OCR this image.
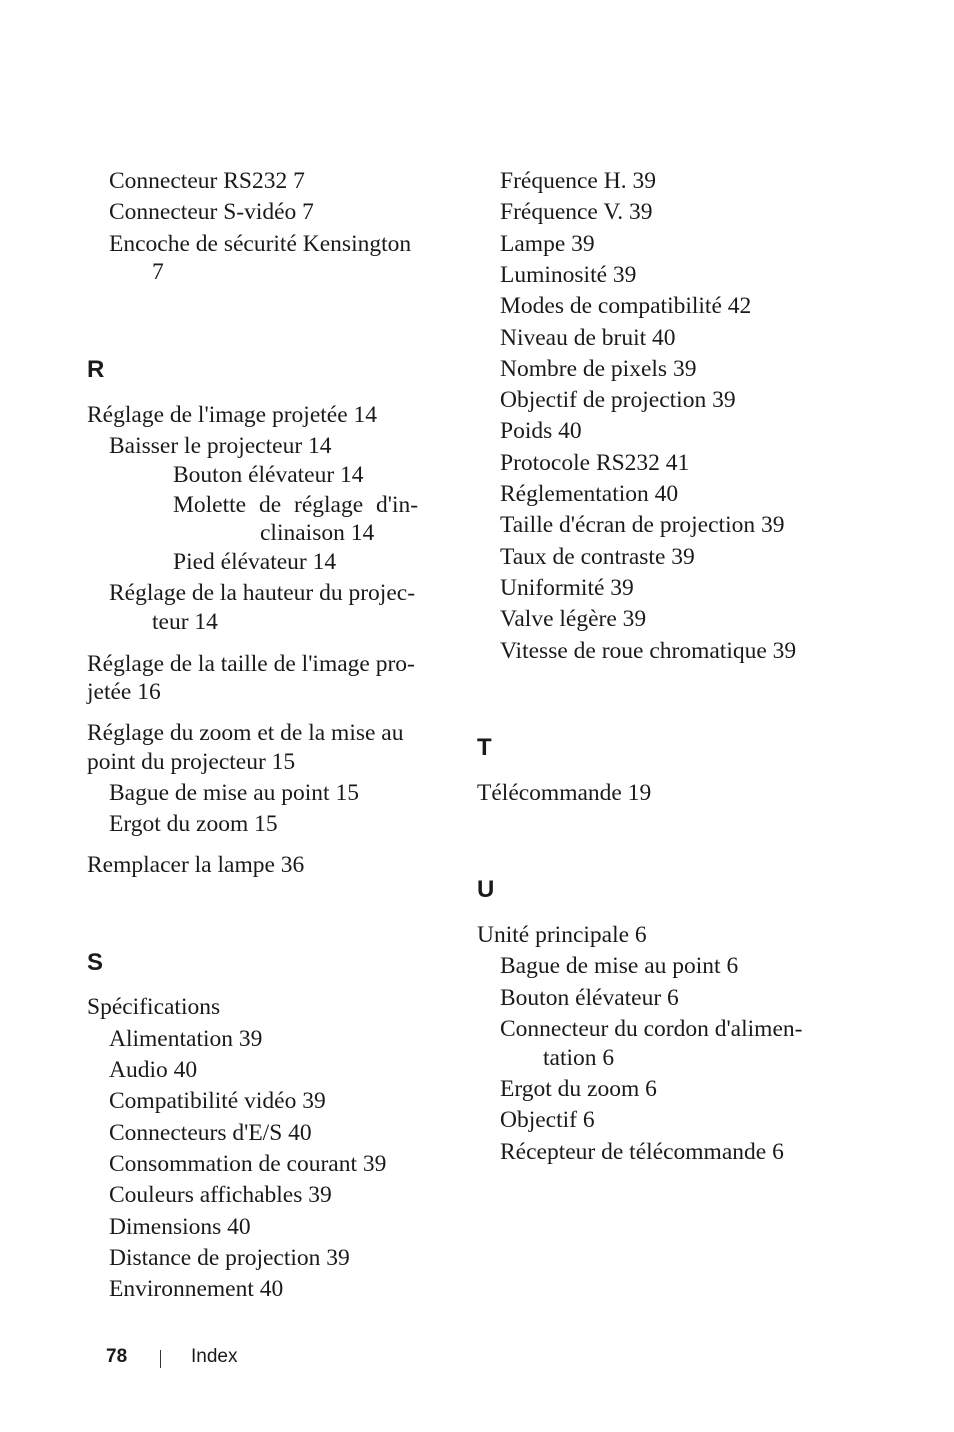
Connecteur RS232 7
Connecteur S-vidéo 7
Encoche de sécurité Kensington
7
R
Réglage de l'image projetée 14
Baisser le projecteur 14
Bouton élévateur 14
Molette de réglage d'in-
clinaison 14
Pied élévateur 14
Réglage de la hauteur du projec-
teur 14
Réglage de la taille de l'image pro-
jetée 16
Réglage du zoom et de la mise au
point du projecteur 15
Bague de mise au point 15
Ergot du zoom 15
Remplacer la lampe 36
S
Spécifications
Alimentation 39
Audio 40
Compatibilité vidéo 39
Connecteurs d'E/S 40
Consommation de courant 39
Couleurs affichables 39
Dimensions 40
Distance de projection 39
Environnement 40
Fréquence H. 39
Fréquence V. 39
Lampe 39
Luminosité 39
Modes de compatibilité 42
Niveau de bruit 40
Nombre de pixels 39
Objectif de projection 39
Poids 40
Protocole RS232 41
Réglementation 40
Taille d'écran de projection 39
Taux de contraste 39
Uniformité 39
Valve légère 39
Vitesse de roue chromatique 39
T
Télécommande 19
U
Unité principale 6
Bague de mise au point 6
Bouton élévateur 6
Connecteur du cordon d'alimen-
tation 6
Ergot du zoom 6
Objectif 6
Récepteur de télécommande 6
78	Index
